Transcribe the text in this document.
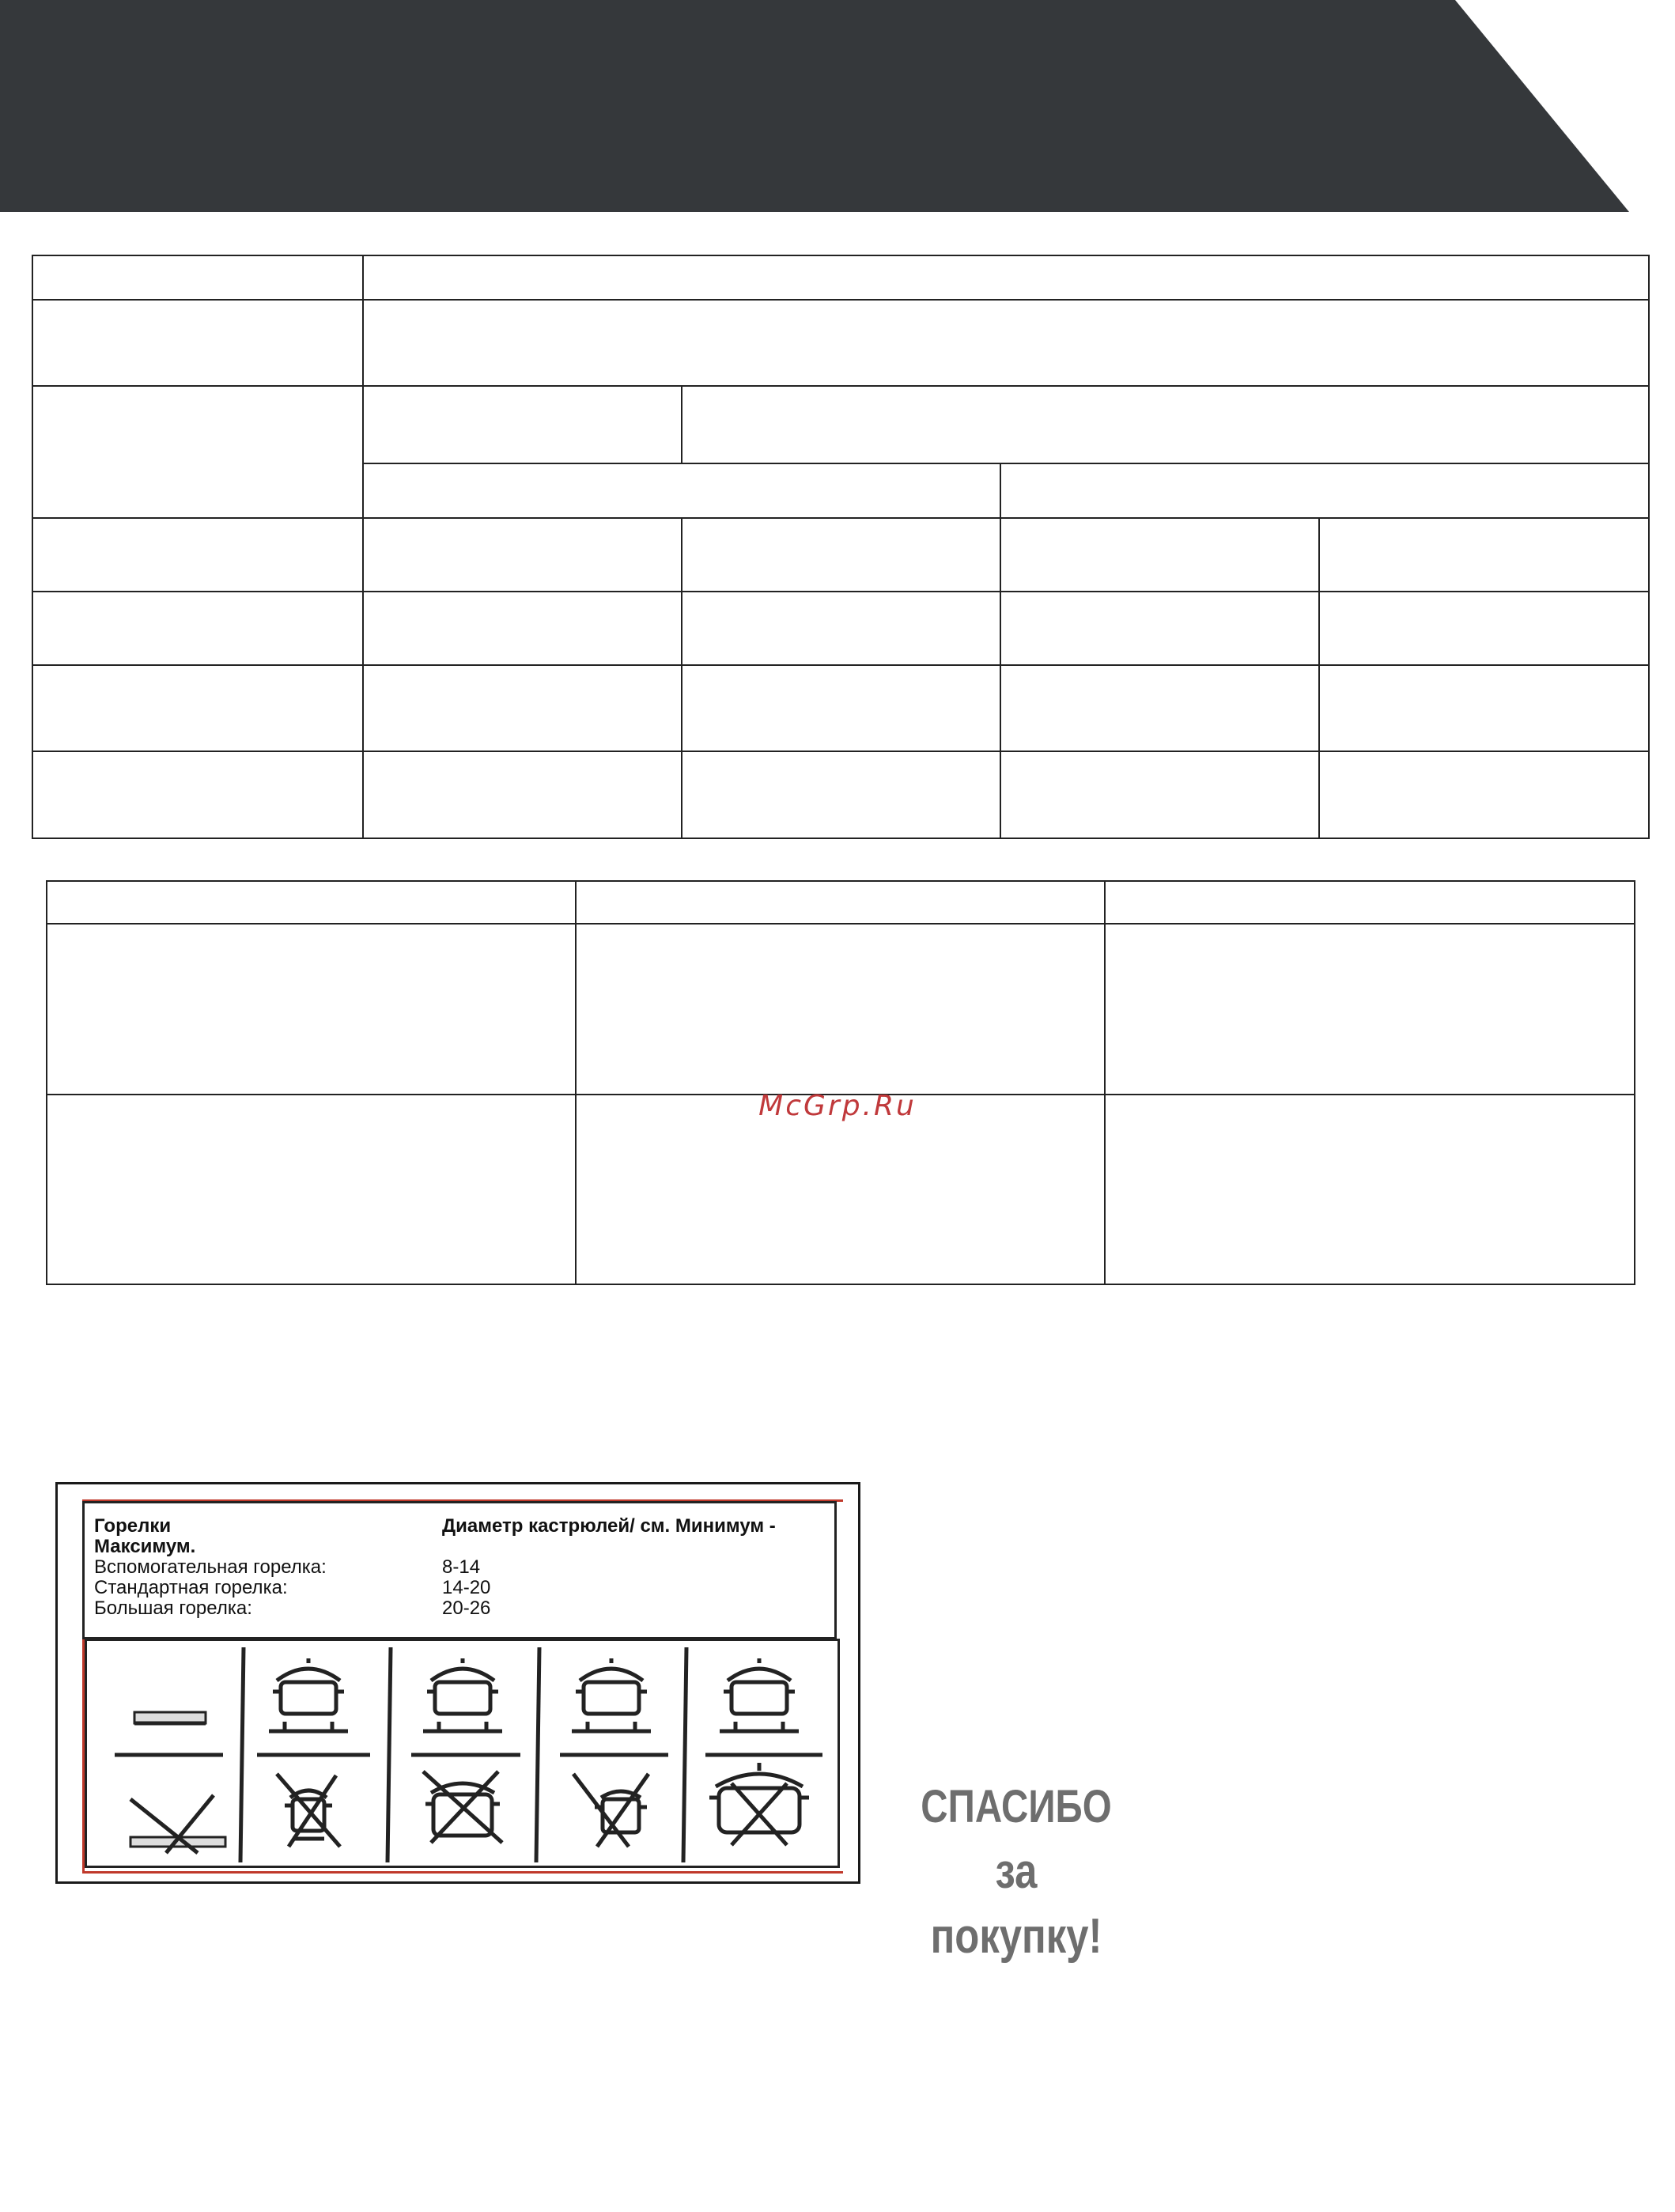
McGrp.Ru
Горелки	Диаметр кастрюлей/ см. Минимум -
Максимум.
Вспомогательная горелка:	8-14
Стандартная горелка:	14-20
Большая горелка:	20-26
СПАСИБО
за покупку!
